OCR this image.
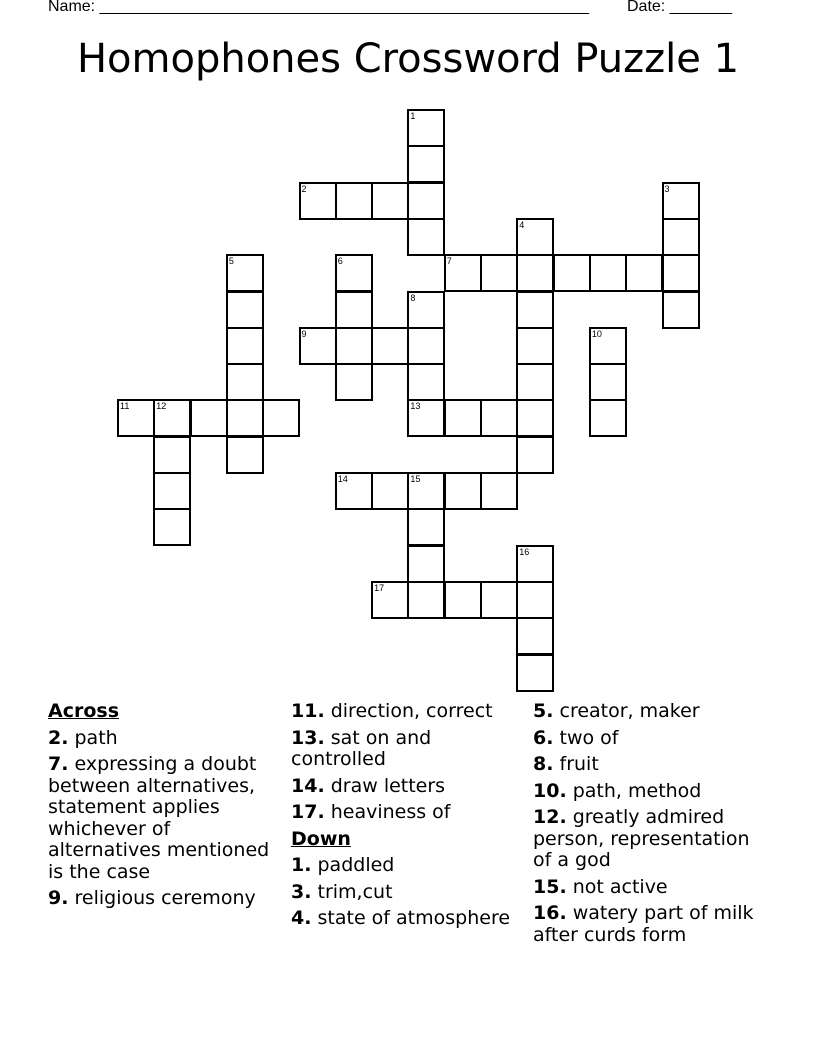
Name: _______________________________________________________ Date: _______
Homophones Crossword Puzzle 1
1
2	3
4
5	6	7
8
9	10
11	12	13
14	15
16
17
Across
2. path
7. expressing a doubt between alternatives, statement applies whichever of alternatives mentioned is the case
9. religious ceremony
11. direction, correct
13. sat on and controlled
14. draw letters
17. heaviness of
Down
1. paddled
3. trim,cut
4. state of atmosphere
5. creator, maker
6. two of
8. fruit
10. path, method
12. greatly admired person, representation of a god
15. not active
16. watery part of milk after curds form
